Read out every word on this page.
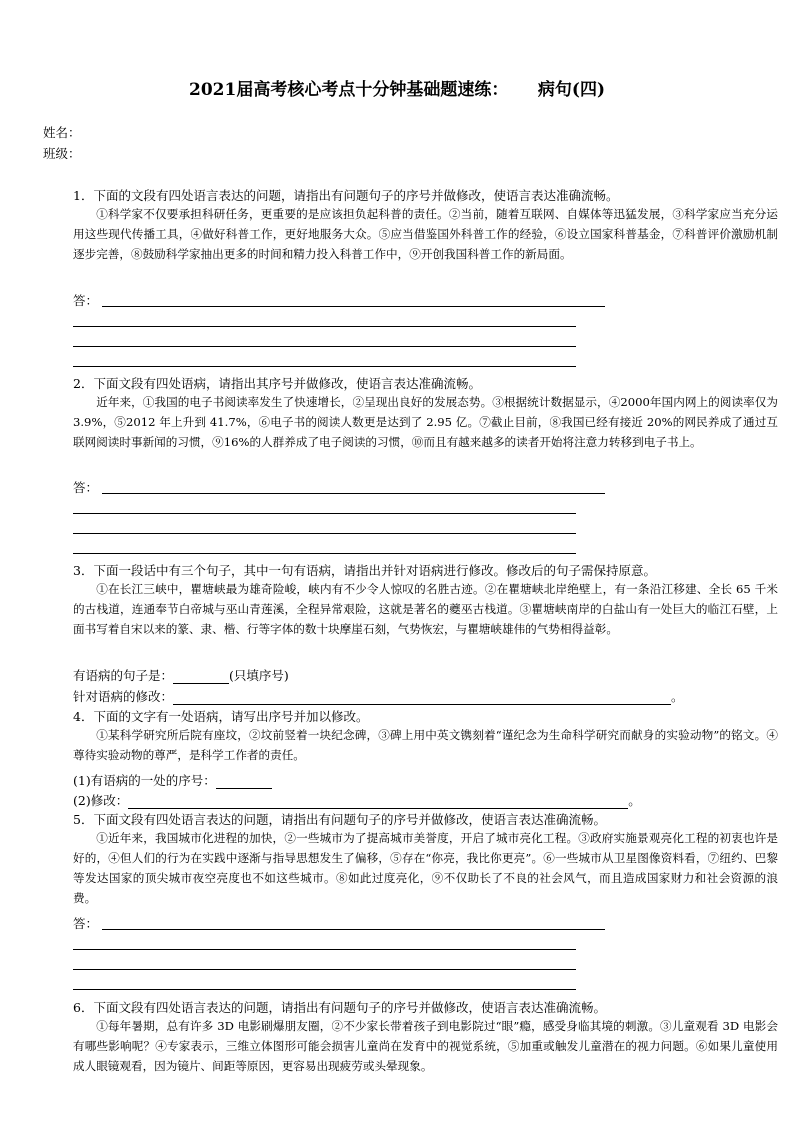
2021届高考核心考点十分钟基础题速练：     病句(四)
姓名：
班级：
1．下面的文段有四处语言表达的问题，请指出有问题句子的序号并做修改，使语言表达准确流畅。
①科学家不仅要承担科研任务，更重要的是应该担负起科普的责任。②当前，随着互联网、自媒体等迅猛发展，③科学家应当充分运用这些现代传播工具，④做好科普工作，更好地服务大众。⑤应当借鉴国外科普工作的经验，⑥设立国家科普基金，⑦科普评价激励机制逐步完善，⑧鼓励科学家抽出更多的时间和精力投入科普工作中，⑨开创我国科普工作的新局面。
答：
2．下面文段有四处语病，请指出其序号并做修改，使语言表达准确流畅。
近年来，①我国的电子书阅读率发生了快速增长，②呈现出良好的发展态势。③根据统计数据显示，④2000年国内网上的阅读率仅为 3.9%，⑤2012 年上升到 41.7%，⑥电子书的阅读人数更是达到了 2.95 亿。⑦截止目前，⑧我国已经有接近 20%的网民养成了通过互联网阅读时事新闻的习惯，⑨16%的人群养成了电子阅读的习惯，⑩而且有越来越多的读者开始将注意力转移到电子书上。
答：
3．下面一段话中有三个句子，其中一句有语病，请指出并针对语病进行修改。修改后的句子需保持原意。
①在长江三峡中，瞿塘峡最为雄奇险峻，峡内有不少令人惊叹的名胜古迹。②在瞿塘峡北岸绝壁上，有一条沿江移建、全长 65 千米的古栈道，连通奉节白帝城与巫山青莲溪，全程异常艰险，这就是著名的夔巫古栈道。③瞿塘峡南岸的白盐山有一处巨大的临江石壁，上面书写着自宋以来的篆、隶、楷、行等字体的数十块摩崖石刻，气势恢宏，与瞿塘峡雄伟的气势相得益彰。
有语病的句子是：	(只填序号)
针对语病的修改：	。
4．下面的文字有一处语病，请写出序号并加以修改。
①某科学研究所后院有座坟，②坟前竖着一块纪念碑，③碑上用中英文镌刻着“谨纪念为生命科学研究而献身的实验动物”的铭文。④尊待实验动物的尊严，是科学工作者的责任。
(1)有语病的一处的序号：
(2)修改：	。
5．下面文段有四处语言表达的问题，请指出有问题句子的序号并做修改，使语言表达准确流畅。
①近年来，我国城市化进程的加快，②一些城市为了提高城市美誉度，开启了城市亮化工程。③政府实施景观亮化工程的初衷也许是好的，④但人们的行为在实践中逐渐与指导思想发生了偏移，⑤存在“你亮，我比你更亮”。⑥一些城市从卫星图像资料看，⑦纽约、巴黎等发达国家的顶尖城市夜空亮度也不如这些城市。⑧如此过度亮化，⑨不仅助长了不良的社会风气，而且造成国家财力和社会资源的浪费。
答：
6．下面文段有四处语言表达的问题，请指出有问题句子的序号并做修改，使语言表达准确流畅。
①每年暑期，总有许多 3D 电影刷爆朋友圈，②不少家长带着孩子到电影院过“眼”瘾，感受身临其境的刺激。③儿童观看 3D 电影会有哪些影响呢？④专家表示，三维立体图形可能会损害儿童尚在发育中的视觉系统，⑤加重或触发儿童潜在的视力问题。⑥如果儿童使用成人眼镜观看，因为镜片、间距等原因，更容易出现疲劳或头晕现象。
